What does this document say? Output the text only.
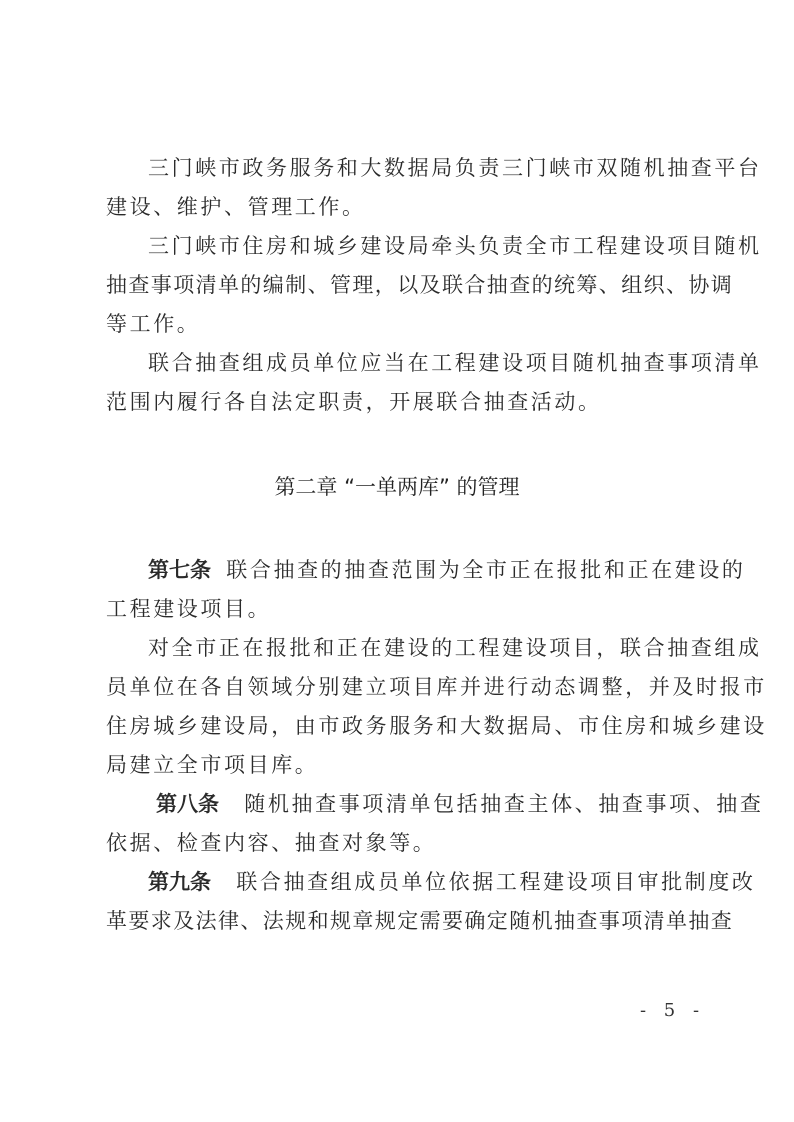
三门峡市政务服务和大数据局负责三门峡市双随机抽查平台
建设、维护、管理工作。
三门峡市住房和城乡建设局牵头负责全市工程建设项目随机
抽查事项清单的编制、管理，以及联合抽查的统筹、组织、协调
等工作。
联合抽查组成员单位应当在工程建设项目随机抽查事项清单
范围内履行各自法定职责，开展联合抽查活动。
第二章 “一单两库” 的管理
第七条 联合抽查的抽查范围为全市正在报批和正在建设的
工程建设项目。
对全市正在报批和正在建设的工程建设项目，联合抽查组成
员单位在各自领域分别建立项目库并进行动态调整，并及时报市
住房城乡建设局，由市政务服务和大数据局、市住房和城乡建设
局建立全市项目库。
第八条 随机抽查事项清单包括抽查主体、抽查事项、抽查
依据、检查内容、抽查对象等。
第九条 联合抽查组成员单位依据工程建设项目审批制度改
革要求及法律、法规和规章规定需要确定随机抽查事项清单抽查
- 5 -
